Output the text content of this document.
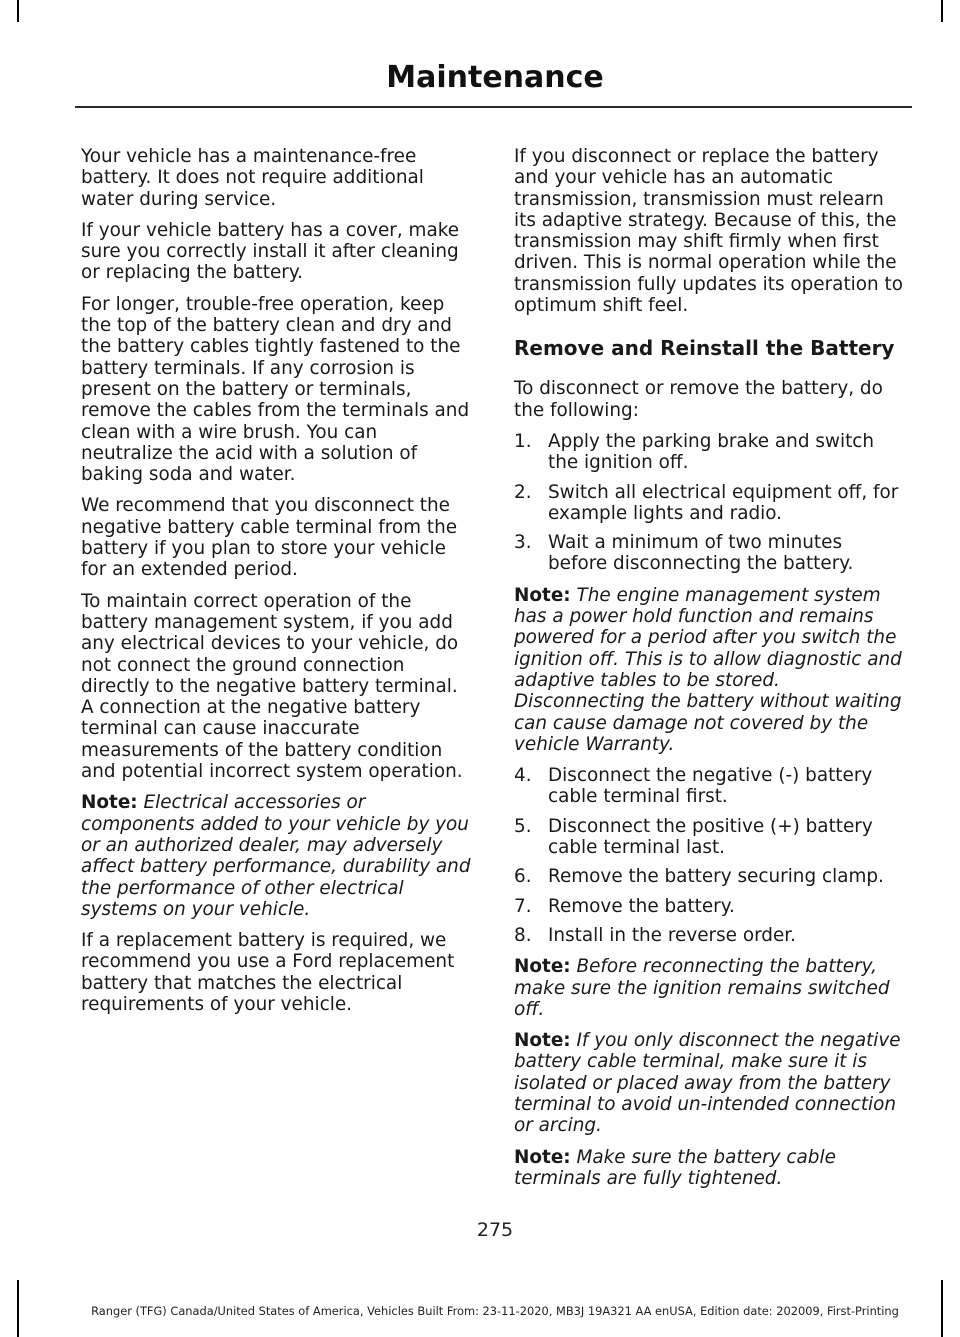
Maintenance

Your vehicle has a maintenance-free battery. It does not require additional water during service.

If your vehicle battery has a cover, make sure you correctly install it after cleaning or replacing the battery.

For longer, trouble-free operation, keep the top of the battery clean and dry and the battery cables tightly fastened to the battery terminals. If any corrosion is present on the battery or terminals, remove the cables from the terminals and clean with a wire brush. You can neutralize the acid with a solution of baking soda and water.

We recommend that you disconnect the negative battery cable terminal from the battery if you plan to store your vehicle for an extended period.

To maintain correct operation of the battery management system, if you add any electrical devices to your vehicle, do not connect the ground connection directly to the negative battery terminal. A connection at the negative battery terminal can cause inaccurate measurements of the battery condition and potential incorrect system operation.

Note: Electrical accessories or components added to your vehicle by you or an authorized dealer, may adversely affect battery performance, durability and the performance of other electrical systems on your vehicle.

If a replacement battery is required, we recommend you use a Ford replacement battery that matches the electrical requirements of your vehicle.

If you disconnect or replace the battery and your vehicle has an automatic transmission, transmission must relearn its adaptive strategy. Because of this, the transmission may shift firmly when first driven. This is normal operation while the transmission fully updates its operation to optimum shift feel.

Remove and Reinstall the Battery

To disconnect or remove the battery, do the following:

1. Apply the parking brake and switch the ignition off.
2. Switch all electrical equipment off, for example lights and radio.
3. Wait a minimum of two minutes before disconnecting the battery.

Note: The engine management system has a power hold function and remains powered for a period after you switch the ignition off. This is to allow diagnostic and adaptive tables to be stored. Disconnecting the battery without waiting can cause damage not covered by the vehicle Warranty.

4. Disconnect the negative (-) battery cable terminal first.
5. Disconnect the positive (+) battery cable terminal last.
6. Remove the battery securing clamp.
7. Remove the battery.
8. Install in the reverse order.

Note: Before reconnecting the battery, make sure the ignition remains switched off.

Note: If you only disconnect the negative battery cable terminal, make sure it is isolated or placed away from the battery terminal to avoid un-intended connection or arcing.

Note: Make sure the battery cable terminals are fully tightened.

275
Ranger (TFG) Canada/United States of America, Vehicles Built From: 23-11-2020, MB3J 19A321 AA enUSA, Edition date: 202009, First-Printing
